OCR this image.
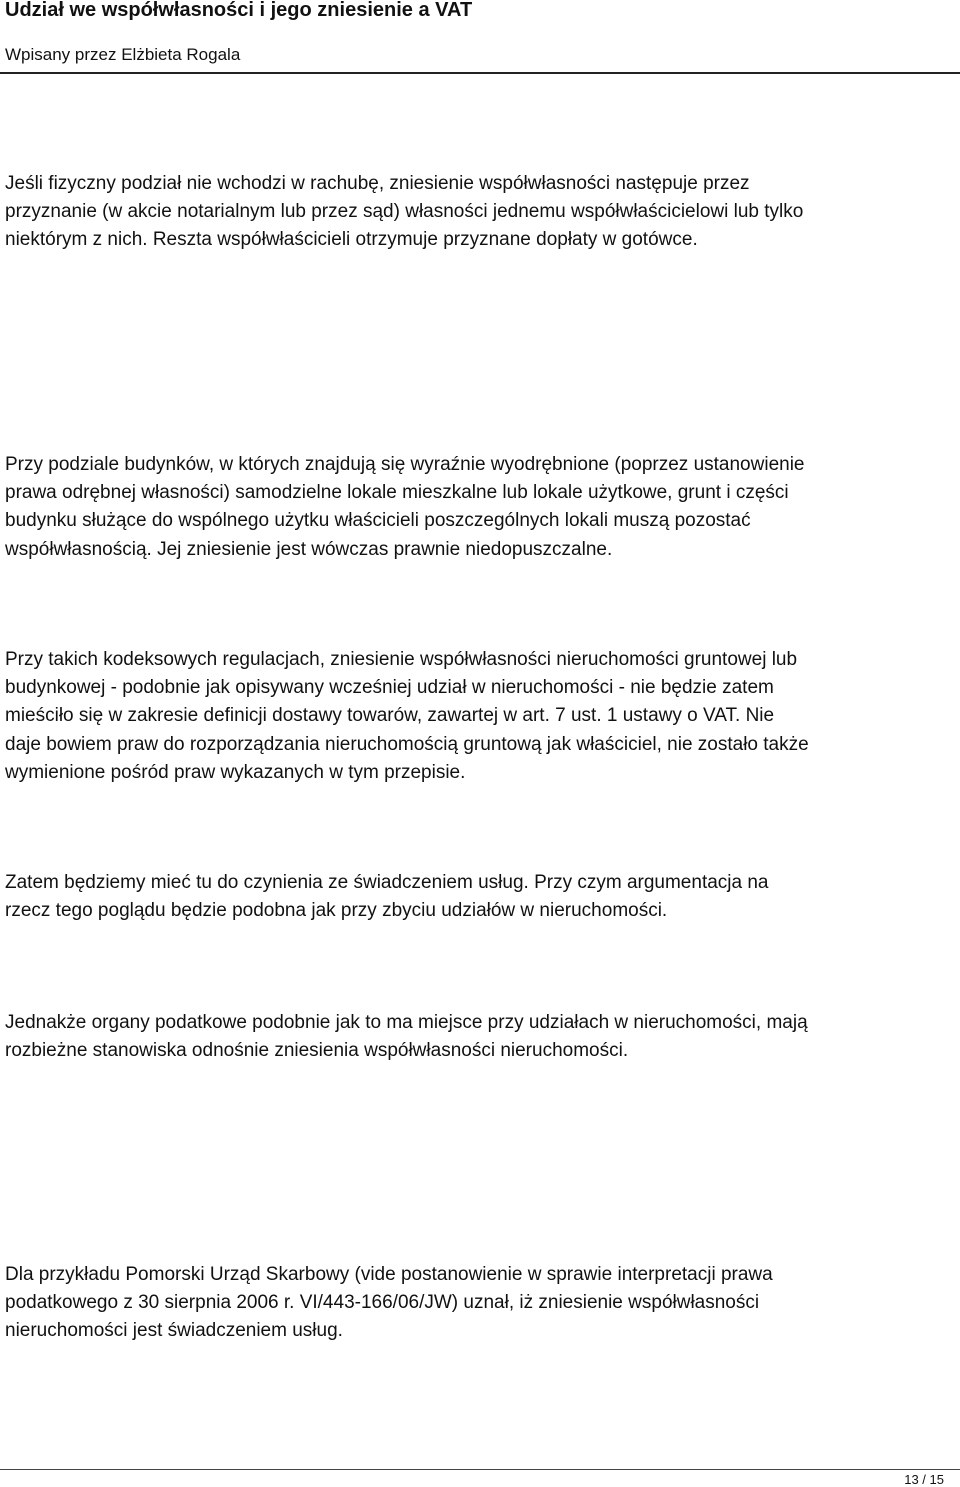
Udział we współwłasności i jego zniesienie a VAT
Wpisany przez Elżbieta Rogala
Jeśli fizyczny podział nie wchodzi w rachubę, zniesienie współwłasności następuje przez
przyznanie (w akcie notarialnym lub przez sąd) własności jednemu współwłaścicielowi lub tylko
niektórym z nich. Reszta współwłaścicieli otrzymuje przyznane dopłaty w gotówce.
Przy podziale budynków, w których znajdują się wyraźnie wyodrębnione (poprzez ustanowienie
prawa odrębnej własności) samodzielne lokale mieszkalne lub lokale użytkowe, grunt i części
budynku służące do wspólnego użytku właścicieli poszczególnych lokali muszą pozostać
współwłasnością. Jej zniesienie jest wówczas prawnie niedopuszczalne.
Przy takich kodeksowych regulacjach, zniesienie współwłasności nieruchomości gruntowej lub
budynkowej - podobnie jak opisywany wcześniej udział w nieruchomości - nie będzie zatem
mieściło się w zakresie definicji dostawy towarów, zawartej w art. 7 ust. 1 ustawy o VAT. Nie
daje bowiem praw do rozporządzania nieruchomością gruntową jak właściciel, nie zostało także
wymienione pośród praw wykazanych w tym przepisie.
Zatem będziemy mieć tu do czynienia ze świadczeniem usług. Przy czym argumentacja na
rzecz tego poglądu będzie podobna jak przy zbyciu udziałów w nieruchomości.
Jednakże organy podatkowe podobnie jak to ma miejsce przy udziałach w nieruchomości, mają
rozbieżne stanowiska odnośnie zniesienia współwłasności nieruchomości.
Dla przykładu Pomorski Urząd Skarbowy (vide postanowienie w sprawie interpretacji prawa
podatkowego z 30 sierpnia 2006 r. VI/443-166/06/JW) uznał, iż zniesienie współwłasności
nieruchomości jest świadczeniem usług.
13 / 15
